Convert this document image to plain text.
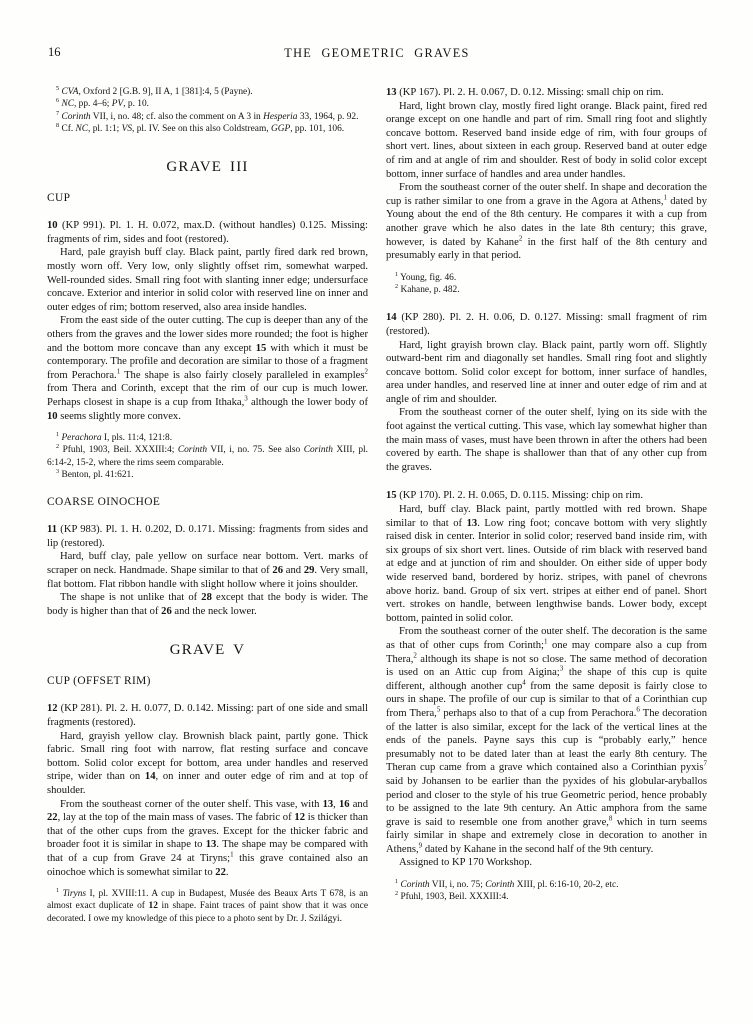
16	THE GEOMETRIC GRAVES

$^5$ CVA, Oxford 2 [G.B. 9], II A, 1 [381]:4, 5 (Payne).

$^6$ NC, pp. 4–6; PV, p. 10.

$^7$ Corinth VII, i, no. 48; cf. also the comment on A 3 in Hesperia 33, 1964, p. 92.

$^8$ Cf. NC, pl. 1:1; VS, pl. IV. See on this also Coldstream, GGP, pp. 101, 106.

GRAVE III
CUP

10 (KP 991). Pl. 1. H. 0.072, max.D. (without handles) 0.125. Missing: fragments of rim, sides and foot (restored).

Hard, pale grayish buff clay. Black paint, partly fired dark red brown, mostly worn off. Very low, only slightly offset rim, somewhat warped. Well-rounded sides. Small ring foot with slanting inner edge; undersurface concave. Exterior and interior in solid color with reserved line on inner and outer edges of rim; bottom reserved, also area inside handles.

From the east side of the outer cutting. The cup is deeper than any of the others from the graves and the lower sides more rounded; the foot is higher and the bottom more concave than any except 15 with which it must be contemporary. The profile and decoration are similar to those of a fragment from Perachora.$^1$ The shape is also fairly closely paralleled in examples$^2$ from Thera and Corinth, except that the rim of our cup is much lower. Perhaps closest in shape is a cup from Ithaka,$^3$ although the lower body of 10 seems slightly more convex.

$^1$ Perachora I, pls. 11:4, 121:8.

$^2$ Pfuhl, 1903, Beil. XXXIII:4; Corinth VII, i, no. 75. See also Corinth XIII, pl. 6:14-2, 15-2, where the rims seem comparable.

$^3$ Benton, pl. 41:621.

COARSE OINOCHOE

11 (KP 983). Pl. 1. H. 0.202, D. 0.171. Missing: fragments from sides and lip (restored).

Hard, buff clay, pale yellow on surface near bottom. Vert. marks of scraper on neck. Handmade. Shape similar to that of 26 and 29. Very small, flat bottom. Flat ribbon handle with slight hollow where it joins shoulder.

The shape is not unlike that of 28 except that the body is wider. The body is higher than that of 26 and the neck lower.

GRAVE V
CUP (OFFSET RIM)

12 (KP 281). Pl. 2. H. 0.077, D. 0.142. Missing: part of one side and small fragments (restored).

Hard, grayish yellow clay. Brownish black paint, partly gone. Thick fabric. Small ring foot with narrow, flat resting surface and concave bottom. Solid color except for bottom, area under handles and reserved stripe, wider than on 14, on inner and outer edge of rim and at top of shoulder.

From the southeast corner of the outer shelf. This vase, with 13, 16 and 22, lay at the top of the main mass of vases. The fabric of 12 is thicker than that of the other cups from the graves. Except for the thicker fabric and broader foot it is similar in shape to 13. The shape may be compared with that of a cup from Grave 24 at Tiryns;$^1$ this grave contained also an oinochoe which is somewhat similar to 22.

$^1$ Tiryns I, pl. XVIII:11. A cup in Budapest, Musée des Beaux Arts T 678, is an almost exact duplicate of 12 in shape. Faint traces of paint show that it was once decorated. I owe my knowledge of this piece to a photo sent by Dr. J. Szilágyi.

13 (KP 167). Pl. 2. H. 0.067, D. 0.12. Missing: small chip on rim.

Hard, light brown clay, mostly fired light orange. Black paint, fired red orange except on one handle and part of rim. Small ring foot and slightly concave bottom. Reserved band inside edge of rim, with four groups of short vert. lines, about sixteen in each group. Reserved band at outer edge of rim and at angle of rim and shoulder. Rest of body in solid color except bottom, inner surface of handles and area under handles.

From the southeast corner of the outer shelf. In shape and decoration the cup is rather similar to one from a grave in the Agora at Athens,$^1$ dated by Young about the end of the 8th century. He compares it with a cup from another grave which he also dates in the late 8th century; this grave, however, is dated by Kahane$^2$ in the first half of the 8th century and presumably early in that period.

$^1$ Young, fig. 46.

$^2$ Kahane, p. 482.

14 (KP 280). Pl. 2. H. 0.06, D. 0.127. Missing: small fragment of rim (restored).

Hard, light grayish brown clay. Black paint, partly worn off. Slightly outward-bent rim and diagonally set handles. Small ring foot and slightly concave bottom. Solid color except for bottom, inner surface of handles, area under handles, and reserved line at inner and outer edge of rim and at angle of rim and shoulder.

From the southeast corner of the outer shelf, lying on its side with the foot against the vertical cutting. This vase, which lay somewhat higher than the main mass of vases, must have been thrown in after the others had been covered by earth. The shape is shallower than that of any other cup from the graves.

15 (KP 170). Pl. 2. H. 0.065, D. 0.115. Missing: chip on rim.

Hard, buff clay. Black paint, partly mottled with red brown. Shape similar to that of 13. Low ring foot; concave bottom with very slightly raised disk in center. Interior in solid color; reserved band inside rim, with six groups of six short vert. lines. Outside of rim black with reserved band at edge and at junction of rim and shoulder. On either side of upper body wide reserved band, bordered by horiz. stripes, with panel of chevrons above horiz. band. Group of six vert. stripes at either end of panel. Short vert. strokes on handle, between lengthwise bands. Lower body, except bottom, painted in solid color.

From the southeast corner of the outer shelf. The decoration is the same as that of other cups from Corinth;$^1$ one may compare also a cup from Thera,$^2$ although its shape is not so close. The same method of decoration is used on an Attic cup from Aigina;$^3$ the shape of this cup is quite different, although another cup$^4$ from the same deposit is fairly close to ours in shape. The profile of our cup is similar to that of a Corinthian cup from Thera,$^5$ perhaps also to that of a cup from Perachora.$^6$ The decoration of the latter is also similar, except for the lack of the vertical lines at the ends of the panels. Payne says this cup is “probably early,” hence presumably not to be dated later than at least the early 8th century. The Theran cup came from a grave which contained also a Corinthian pyxis$^7$ said by Johansen to be earlier than the pyxides of his globular-aryballos period and closer to the style of his true Geometric period, hence probably to be assigned to the late 9th century. An Attic amphora from the same grave is said to resemble one from another grave,$^8$ which in turn seems fairly similar in shape and extremely close in decoration to another in Athens,$^9$ dated by Kahane in the second half of the 9th century.

Assigned to KP 170 Workshop.

$^1$ Corinth VII, i, no. 75; Corinth XIII, pl. 6:16-10, 20-2, etc.

$^2$ Pfuhl, 1903, Beil. XXXIII:4.
